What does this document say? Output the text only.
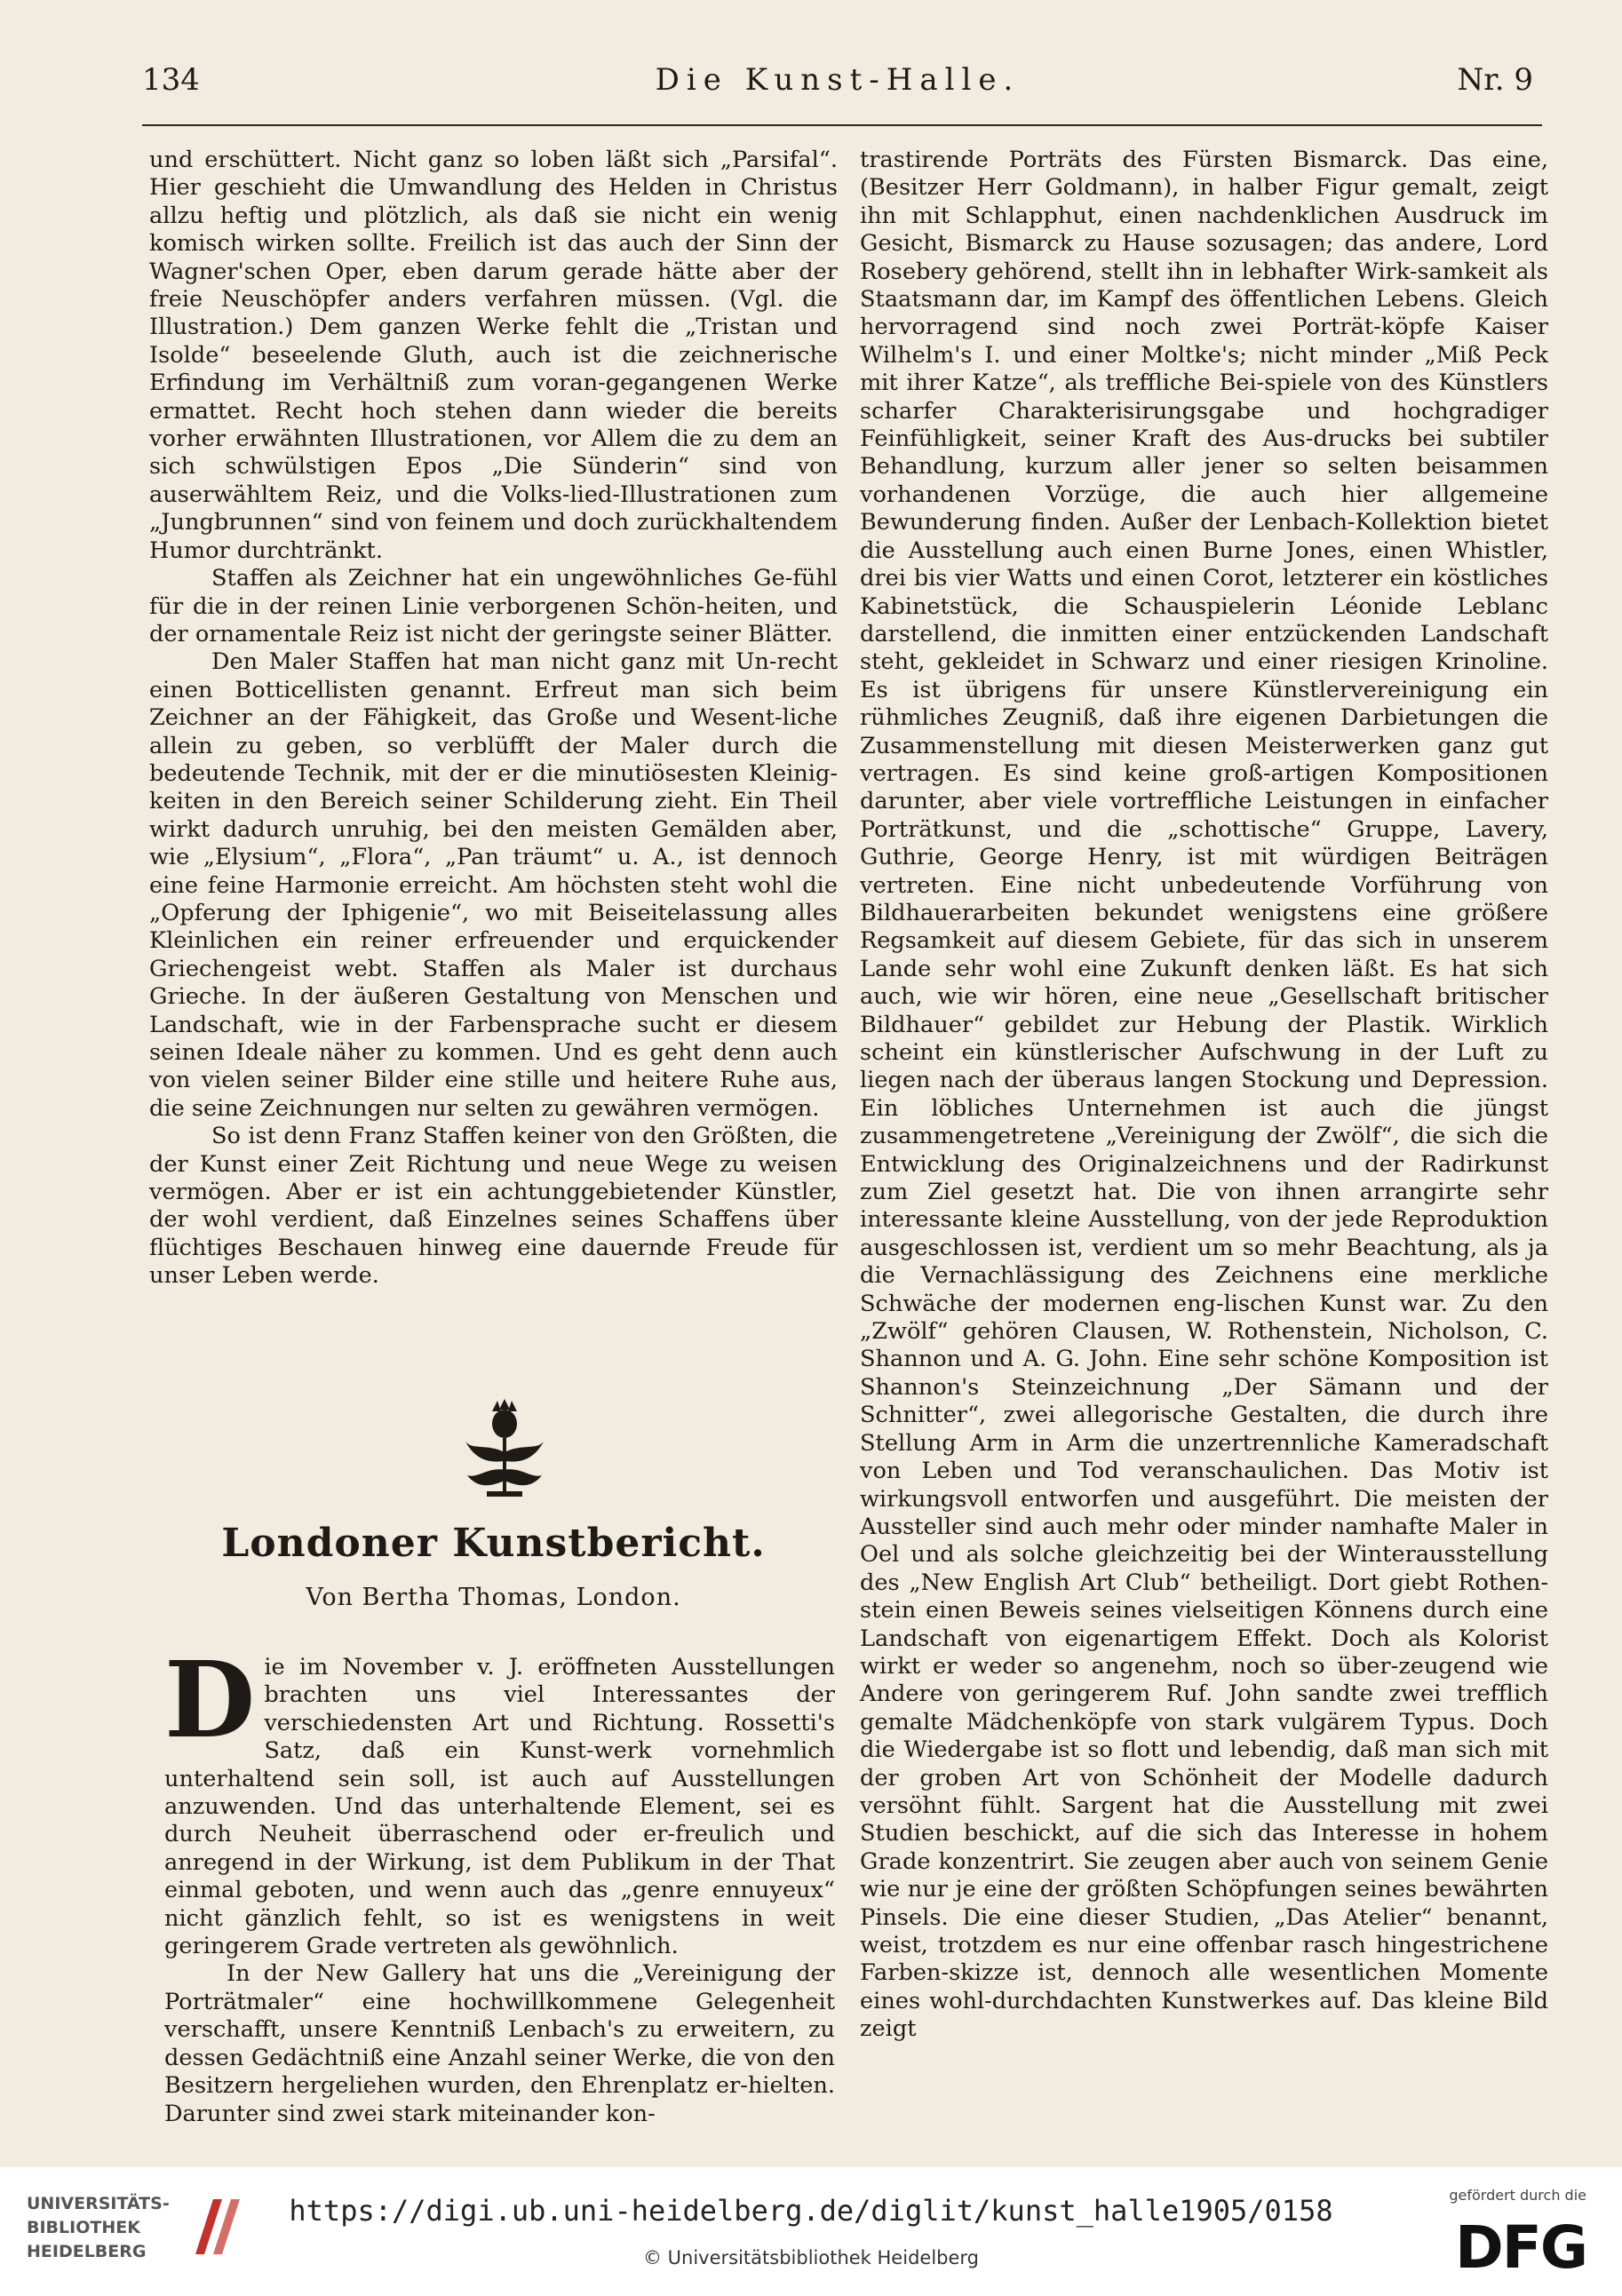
134	Die Kunst-Halle.	Nr. 9

und erschüttert. Nicht ganz so loben läßt sich „Parsifal“. Hier geschieht die Umwandlung des Helden in Christus allzu heftig und plötzlich, als daß sie nicht ein wenig komisch wirken sollte. Freilich ist das auch der Sinn der Wagner'schen Oper, eben darum gerade hätte aber der freie Neuschöpfer anders verfahren müssen. (Vgl. die Illustration.) Dem ganzen Werke fehlt die „Tristan und Isolde“ beseelende Gluth, auch ist die zeichnerische Erfindung im Verhältniß zum voran-gegangenen Werke ermattet. Recht hoch stehen dann wieder die bereits vorher erwähnten Illustrationen, vor Allem die zu dem an sich schwülstigen Epos „Die Sünderin“ sind von auserwähltem Reiz, und die Volks-lied-Illustrationen zum „Jungbrunnen“ sind von feinem und doch zurückhaltendem Humor durchtränkt.

Staffen als Zeichner hat ein ungewöhnliches Ge-fühl für die in der reinen Linie verborgenen Schön-heiten, und der ornamentale Reiz ist nicht der geringste seiner Blätter.

Den Maler Staffen hat man nicht ganz mit Un-recht einen Botticellisten genannt. Erfreut man sich beim Zeichner an der Fähigkeit, das Große und Wesent-liche allein zu geben, so verblüfft der Maler durch die bedeutende Technik, mit der er die minutiösesten Kleinig-keiten in den Bereich seiner Schilderung zieht. Ein Theil wirkt dadurch unruhig, bei den meisten Gemälden aber, wie „Elysium“, „Flora“, „Pan träumt“ u. A., ist dennoch eine feine Harmonie erreicht. Am höchsten steht wohl die „Opferung der Iphigenie“, wo mit Beiseitelassung alles Kleinlichen ein reiner erfreuender und erquickender Griechengeist webt. Staffen als Maler ist durchaus Grieche. In der äußeren Gestaltung von Menschen und Landschaft, wie in der Farbensprache sucht er diesem seinen Ideale näher zu kommen. Und es geht denn auch von vielen seiner Bilder eine stille und heitere Ruhe aus, die seine Zeichnungen nur selten zu gewähren vermögen.

So ist denn Franz Staffen keiner von den Größten, die der Kunst einer Zeit Richtung und neue Wege zu weisen vermögen. Aber er ist ein achtunggebietender Künstler, der wohl verdient, daß Einzelnes seines Schaffens über flüchtiges Beschauen hinweg eine dauernde Freude für unser Leben werde.

Londoner Kunstbericht.
Von Bertha Thomas, London.

Die im November v. J. eröffneten Ausstellungen brachten uns viel Interessantes der verschiedensten Art und Richtung. Rossetti's Satz, daß ein Kunst-werk vornehmlich unterhaltend sein soll, ist auch auf Ausstellungen anzuwenden. Und das unterhaltende Element, sei es durch Neuheit überraschend oder er-freulich und anregend in der Wirkung, ist dem Publikum in der That einmal geboten, und wenn auch das „genre ennuyeux“ nicht gänzlich fehlt, so ist es wenigstens in weit geringerem Grade vertreten als gewöhnlich.

In der New Gallery hat uns die „Vereinigung der Porträtmaler“ eine hochwillkommene Gelegenheit verschafft, unsere Kenntniß Lenbach's zu erweitern, zu dessen Gedächtniß eine Anzahl seiner Werke, die von den Besitzern hergeliehen wurden, den Ehrenplatz er-hielten. Darunter sind zwei stark miteinander kon-

trastirende Porträts des Fürsten Bismarck. Das eine, (Besitzer Herr Goldmann), in halber Figur gemalt, zeigt ihn mit Schlapphut, einen nachdenklichen Ausdruck im Gesicht, Bismarck zu Hause sozusagen; das andere, Lord Rosebery gehörend, stellt ihn in lebhafter Wirk-samkeit als Staatsmann dar, im Kampf des öffentlichen Lebens. Gleich hervorragend sind noch zwei Porträt-köpfe Kaiser Wilhelm's I. und einer Moltke's; nicht minder „Miß Peck mit ihrer Katze“, als treffliche Bei-spiele von des Künstlers scharfer Charakterisirungsgabe und hochgradiger Feinfühligkeit, seiner Kraft des Aus-drucks bei subtiler Behandlung, kurzum aller jener so selten beisammen vorhandenen Vorzüge, die auch hier allgemeine Bewunderung finden. Außer der Lenbach-Kollektion bietet die Ausstellung auch einen Burne Jones, einen Whistler, drei bis vier Watts und einen Corot, letzterer ein köstliches Kabinetstück, die Schauspielerin Léonide Leblanc darstellend, die inmitten einer entzückenden Landschaft steht, gekleidet in Schwarz und einer riesigen Krinoline. Es ist übrigens für unsere Künstlervereinigung ein rühmliches Zeugniß, daß ihre eigenen Darbietungen die Zusammenstellung mit diesen Meisterwerken ganz gut vertragen. Es sind keine groß-artigen Kompositionen darunter, aber viele vortreffliche Leistungen in einfacher Porträtkunst, und die „schottische“ Gruppe, Lavery, Guthrie, George Henry, ist mit würdigen Beiträgen vertreten. Eine nicht unbedeutende Vorführung von Bildhauerarbeiten bekundet wenigstens eine größere Regsamkeit auf diesem Gebiete, für das sich in unserem Lande sehr wohl eine Zukunft denken läßt. Es hat sich auch, wie wir hören, eine neue „Gesellschaft britischer Bildhauer“ gebildet zur Hebung der Plastik. Wirklich scheint ein künstlerischer Aufschwung in der Luft zu liegen nach der überaus langen Stockung und Depression. Ein löbliches Unternehmen ist auch die jüngst zusammengetretene „Vereinigung der Zwölf“, die sich die Entwicklung des Originalzeichnens und der Radirkunst zum Ziel gesetzt hat. Die von ihnen arrangirte sehr interessante kleine Ausstellung, von der jede Reproduktion ausgeschlossen ist, verdient um so mehr Beachtung, als ja die Vernachlässigung des Zeichnens eine merkliche Schwäche der modernen eng-lischen Kunst war. Zu den „Zwölf“ gehören Clausen, W. Rothenstein, Nicholson, C. Shannon und A. G. John. Eine sehr schöne Komposition ist Shannon's Steinzeichnung „Der Sämann und der Schnitter“, zwei allegorische Gestalten, die durch ihre Stellung Arm in Arm die unzertrennliche Kameradschaft von Leben und Tod veranschaulichen. Das Motiv ist wirkungsvoll entworfen und ausgeführt. Die meisten der Aussteller sind auch mehr oder minder namhafte Maler in Oel und als solche gleichzeitig bei der Winterausstellung des „New English Art Club“ betheiligt. Dort giebt Rothen-stein einen Beweis seines vielseitigen Könnens durch eine Landschaft von eigenartigem Effekt. Doch als Kolorist wirkt er weder so angenehm, noch so über-zeugend wie Andere von geringerem Ruf. John sandte zwei trefflich gemalte Mädchenköpfe von stark vulgärem Typus. Doch die Wiedergabe ist so flott und lebendig, daß man sich mit der groben Art von Schönheit der Modelle dadurch versöhnt fühlt. Sargent hat die Ausstellung mit zwei Studien beschickt, auf die sich das Interesse in hohem Grade konzentrirt. Sie zeugen aber auch von seinem Genie wie nur je eine der größten Schöpfungen seines bewährten Pinsels. Die eine dieser Studien, „Das Atelier“ benannt, weist, trotzdem es nur eine offenbar rasch hingestrichene Farben-skizze ist, dennoch alle wesentlichen Momente eines wohl-durchdachten Kunstwerkes auf. Das kleine Bild zeigt

UNIVERSITÄTS-
BIBLIOTHEK
HEIDELBERG
https://digi.ub.uni-heidelberg.de/diglit/kunst_halle1905/0158
© Universitätsbibliothek Heidelberg
gefördert durch die
DFG
